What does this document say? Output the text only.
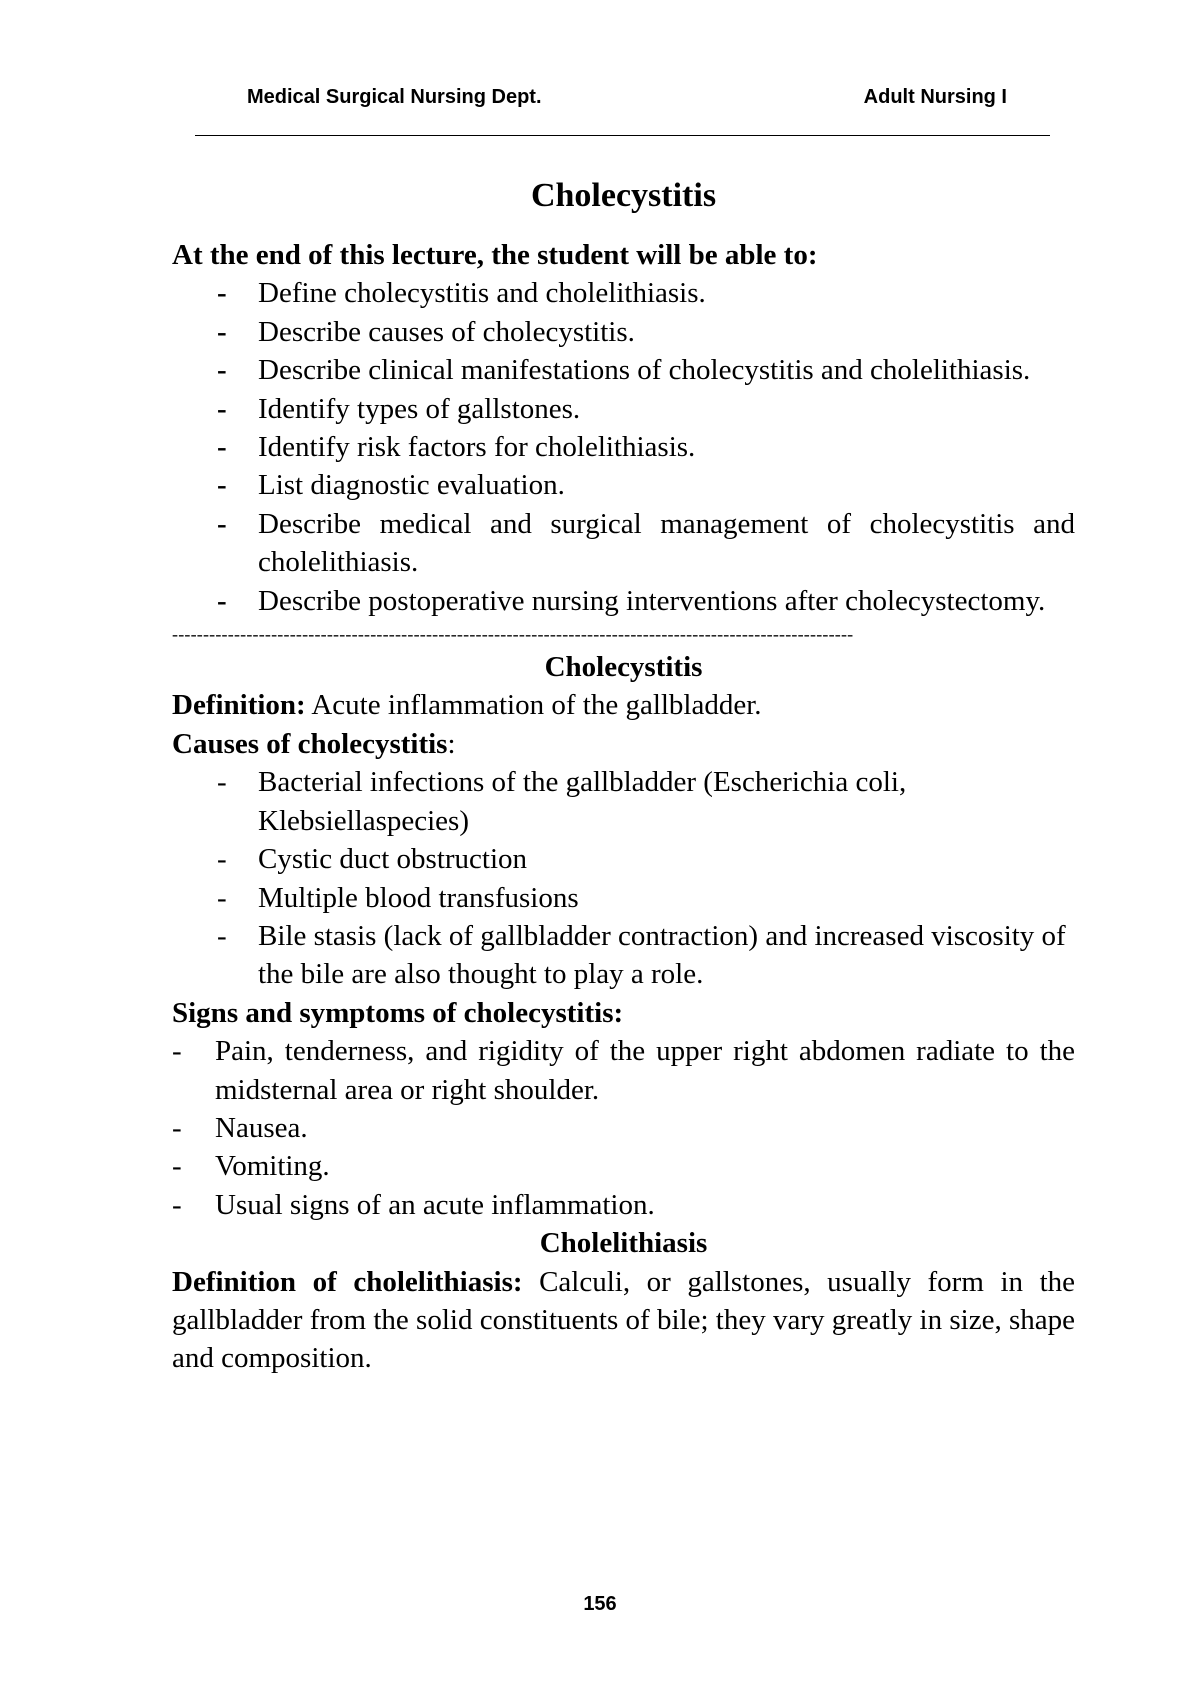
Medical Surgical Nursing Dept.	Adult Nursing I
Cholecystitis
At the end of this lecture, the student will be able to:
- Define cholecystitis and cholelithiasis.
- Describe causes of cholecystitis.
- Describe clinical manifestations of cholecystitis and cholelithiasis.
- Identify types of gallstones.
- Identify risk factors for cholelithiasis.
- List diagnostic evaluation.
- Describe medical and surgical management of cholecystitis and cholelithiasis.
- Describe postoperative nursing interventions after cholecystectomy.
--------------------------------------------------------------------------------------------------------------
Cholecystitis
Definition: Acute inflammation of the gallbladder.
Causes of cholecystitis:
- Bacterial infections of the gallbladder (Escherichia coli, Klebsiellaspecies)
- Cystic duct obstruction
- Multiple blood transfusions
- Bile stasis (lack of gallbladder contraction) and increased viscosity of the bile are also thought to play a role.
Signs and symptoms of cholecystitis:
- Pain, tenderness, and rigidity of the upper right abdomen radiate to the midsternal area or right shoulder.
- Nausea.
- Vomiting.
- Usual signs of an acute inflammation.
Cholelithiasis
Definition of cholelithiasis: Calculi, or gallstones, usually form in the gallbladder from the solid constituents of bile; they vary greatly in size, shape and composition.
156
